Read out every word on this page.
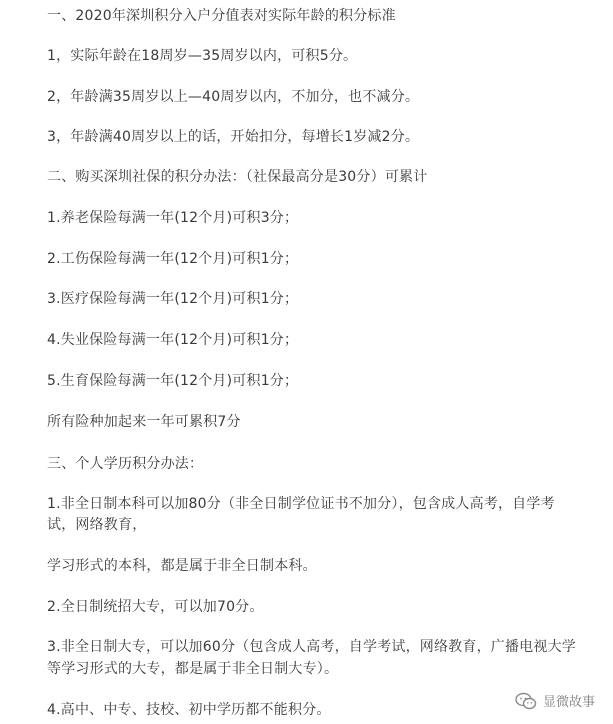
一、2020年深圳积分入户分值表对实际年龄的积分标准
1，实际年龄在18周岁—35周岁以内，可积5分。
2，年龄满35周岁以上—40周岁以内，不加分，也不减分。
3，年龄满40周岁以上的话，开始扣分，每增长1岁减2分。
二、购买深圳社保的积分办法：（社保最高分是30分）可累计
1.养老保险每满一年(12个月)可积3分；
2.工伤保险每满一年(12个月)可积1分；
3.医疗保险每满一年(12个月)可积1分；
4.失业保险每满一年(12个月)可积1分；
5.生育保险每满一年(12个月)可积1分；
所有险种加起来一年可累积7分
三、个人学历积分办法：
1.非全日制本科可以加80分（非全日制学位证书不加分），包含成人高考，自学考
试，网络教育，
学习形式的本科，都是属于非全日制本科。
2.全日制统招大专，可以加70分。
3.非全日制大专，可以加60分（包含成人高考，自学考试，网络教育，广播电视大学
等学习形式的大专，都是属于非全日制大专）。
4.高中、中专、技校、初中学历都不能积分。	显微故事
